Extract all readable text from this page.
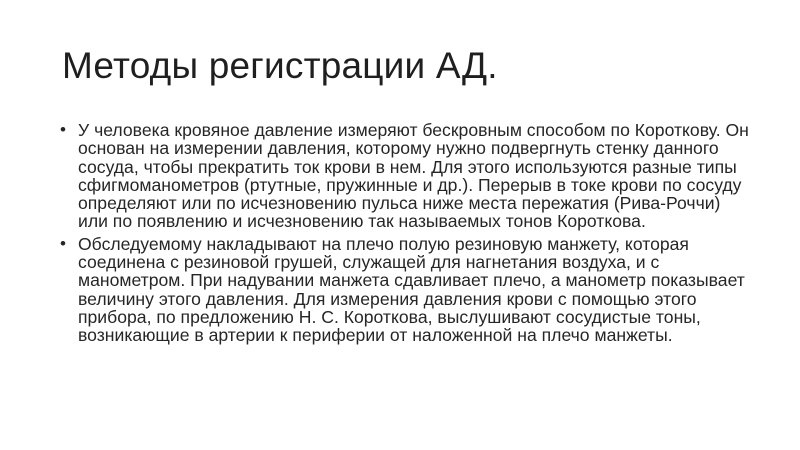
Методы регистрации АД.
• У человека кровяное давление измеряют бескровным способом по Короткову. Он основан на измерении давления, которому нужно подвергнуть стенку данного сосуда, чтобы прекратить ток крови в нем. Для этого используются разные типы сфигмоманометров (ртутные, пружинные и др.). Перерыв в токе крови по сосуду определяют или по исчезновению пульса ниже места пережатия (Рива-Роччи) или по появлению и исчезновению так называемых тонов Короткова.
• Обследуемому накладывают на плечо полую резиновую манжету, которая соединена с резиновой грушей, служащей для нагнетания воздуха, и с манометром. При надувании манжета сдавливает плечо, а манометр показывает величину этого давления. Для измерения давления крови с помощью этого прибора, по предложению Н. С. Короткова, выслушивают сосудистые тоны, возникающие в артерии к периферии от наложенной на плечо манжеты.
